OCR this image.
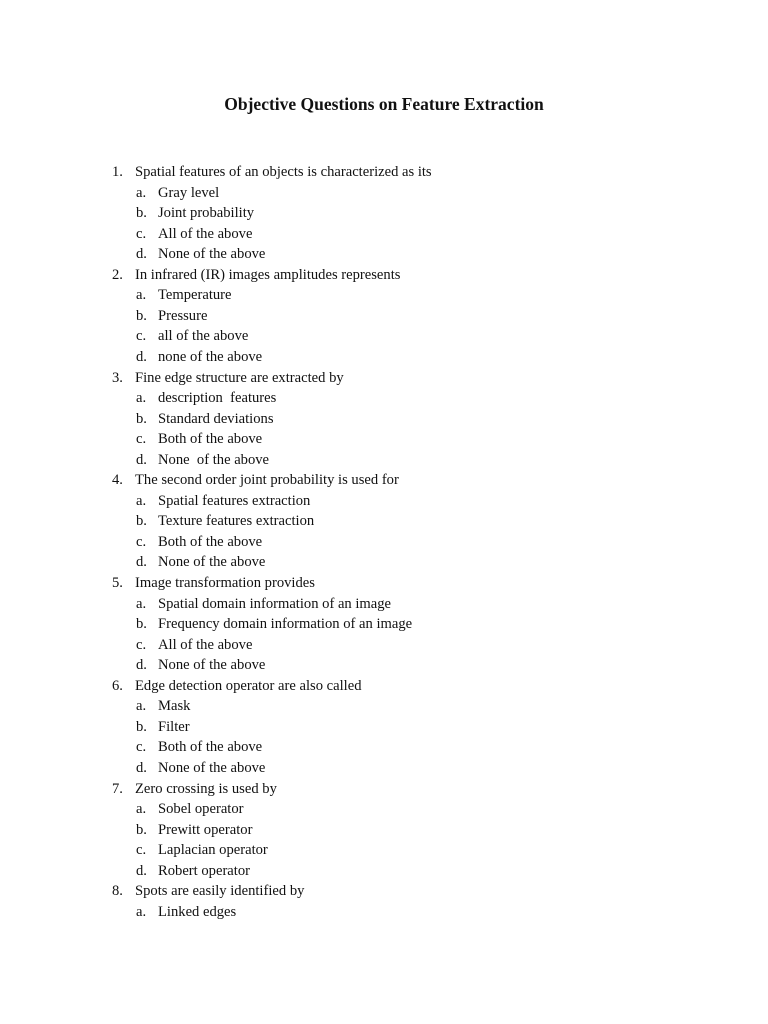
Objective Questions on Feature Extraction
1. Spatial features of an objects is characterized as its
a. Gray level
b. Joint probability
c. All of the above
d. None of the above
2. In infrared (IR) images amplitudes represents
a. Temperature
b. Pressure
c. all of the above
d. none of the above
3. Fine edge structure are extracted by
a. description  features
b. Standard deviations
c. Both of the above
d. None  of the above
4. The second order joint probability is used for
a. Spatial features extraction
b. Texture features extraction
c. Both of the above
d. None of the above
5. Image transformation provides
a. Spatial domain information of an image
b. Frequency domain information of an image
c. All of the above
d. None of the above
6. Edge detection operator are also called
a. Mask
b. Filter
c. Both of the above
d. None of the above
7. Zero crossing is used by
a. Sobel operator
b. Prewitt operator
c. Laplacian operator
d. Robert operator
8. Spots are easily identified by
a. Linked edges
